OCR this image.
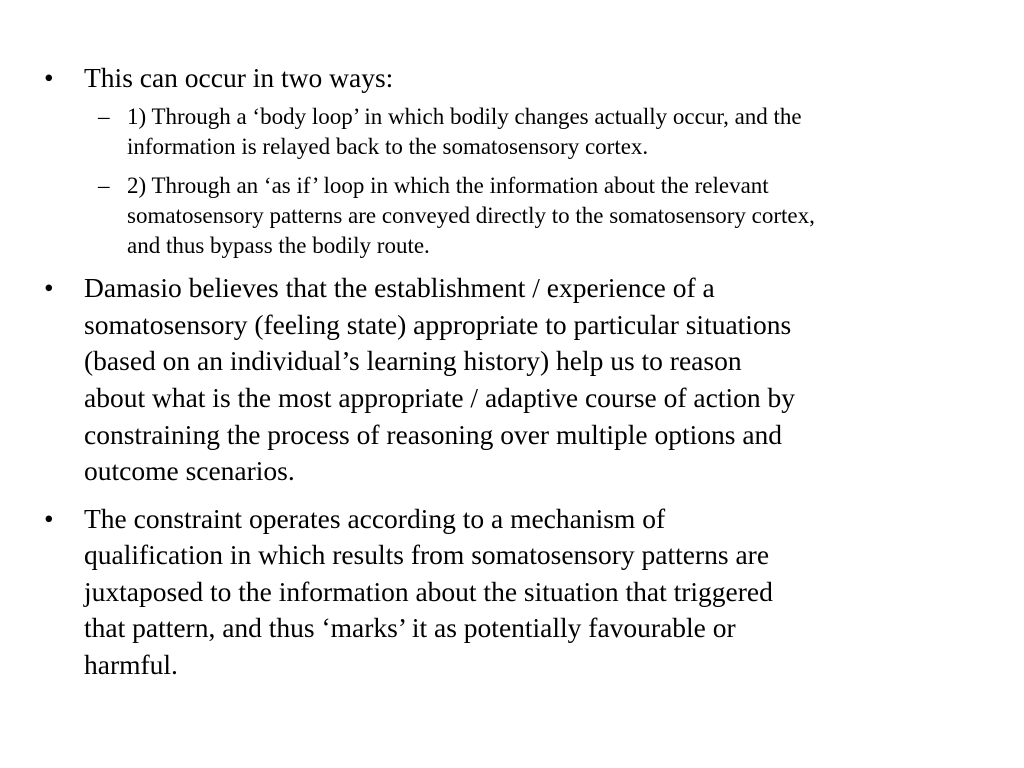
• This can occur in two ways:
– 1) Through a ‘body loop’ in which bodily changes actually occur, and the
information is relayed back to the somatosensory cortex.
– 2) Through an ‘as if’ loop in which the information about the relevant
somatosensory patterns are conveyed directly to the somatosensory cortex,
and thus bypass the bodily route.
• Damasio believes that the establishment / experience of a
somatosensory (feeling state) appropriate to particular situations
(based on an individual’s learning history) help us to reason
about what is the most appropriate / adaptive course of action by
constraining the process of reasoning over multiple options and
outcome scenarios.
• The constraint operates according to a mechanism of
qualification in which results from somatosensory patterns are
juxtaposed to the information about the situation that triggered
that pattern, and thus ‘marks’ it as potentially favourable or
harmful.
